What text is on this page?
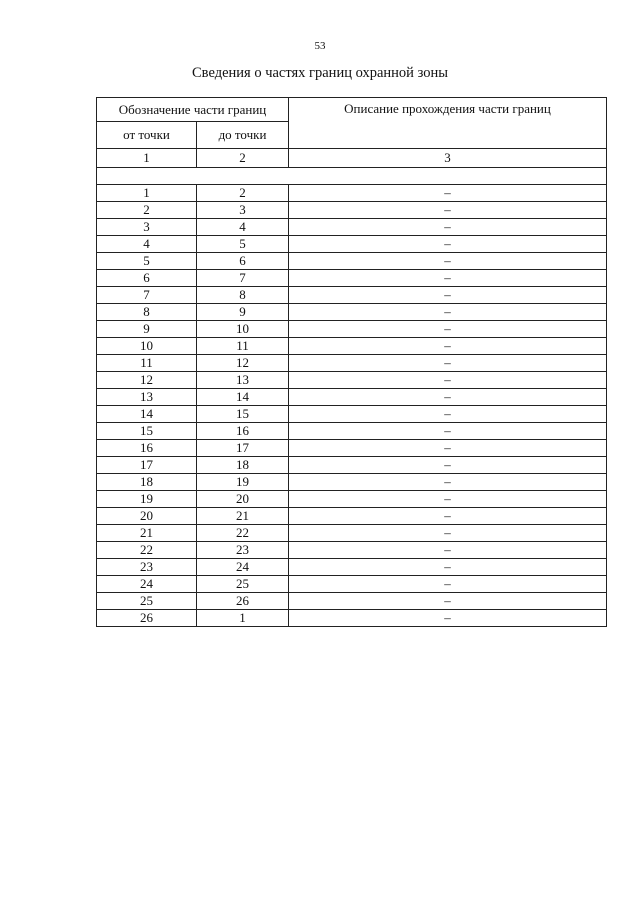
53
Сведения о частях границ охранной зоны
Обозначение части границ		Описание прохождения части границ
от точки	до точки	
1	2	3

1	2	–
2	3	–
3	4	–
4	5	–
5	6	–
6	7	–
7	8	–
8	9	–
9	10	–
10	11	–
11	12	–
12	13	–
13	14	–
14	15	–
15	16	–
16	17	–
17	18	–
18	19	–
19	20	–
20	21	–
21	22	–
22	23	–
23	24	–
24	25	–
25	26	–
26	1	–
